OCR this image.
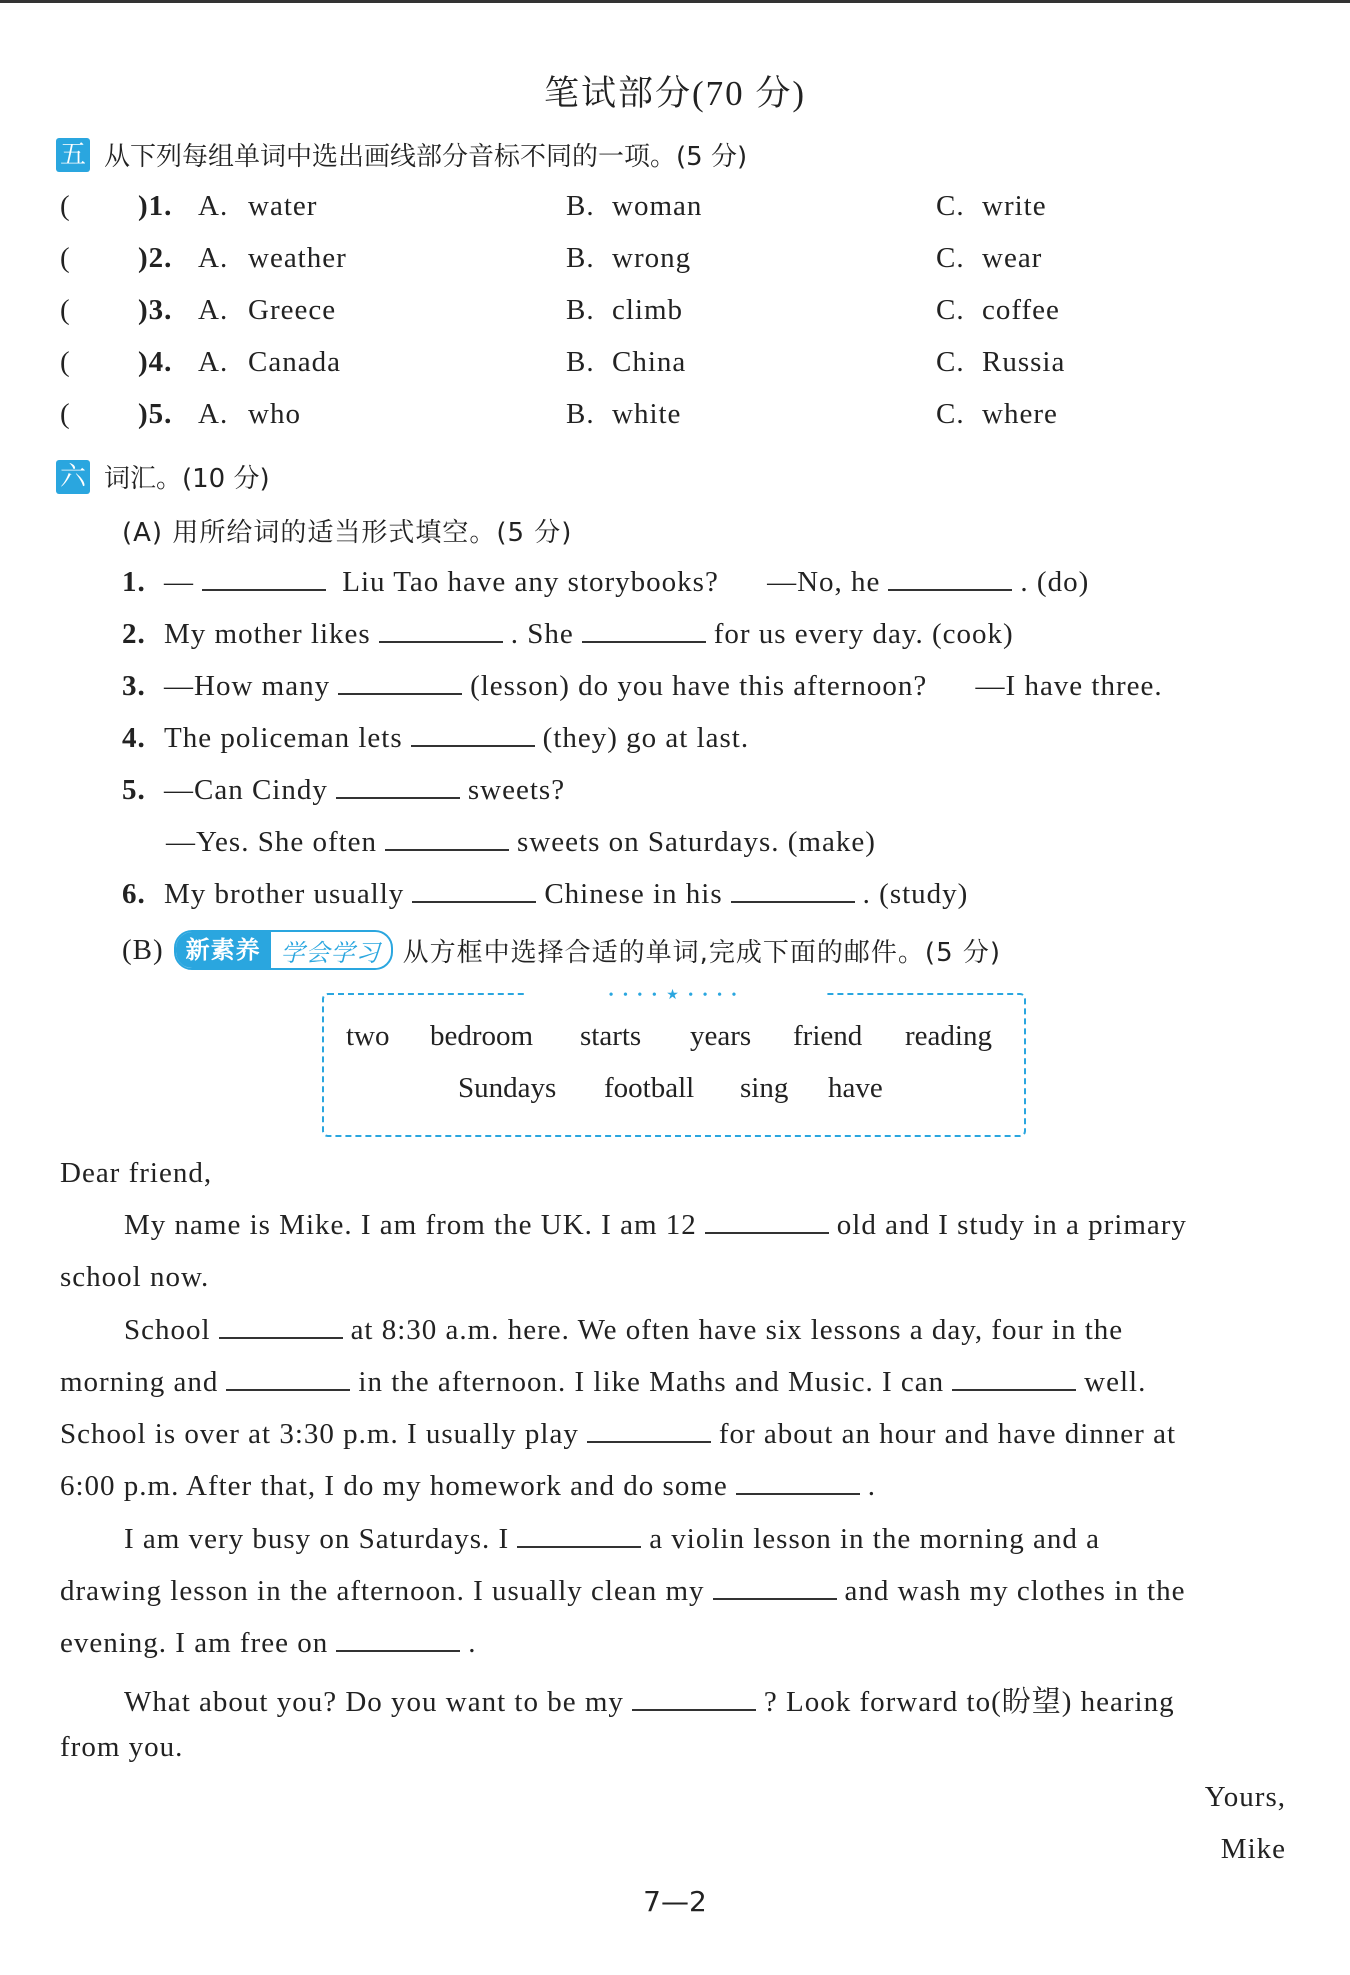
笔试部分(70 分)
五 从下列每组单词中选出画线部分音标不同的一项。(5 分)
( )1. A. water	B. woman	C. write
( )2. A. weather	B. wrong	C. wear
( )3. A. Greece	B. climb	C. coffee
( )4. A. Canada	B. China	C. Russia
( )5. A. who	B. white	C. where
六 词汇。(10 分)
(A) 用所给词的适当形式填空。(5 分)
1. —	Liu Tao have any storybooks? —No, he	. (do)
2. My mother likes	. She	for us every day. (cook)
3. —How many	(lesson) do you have this afternoon? —I have three.
4. The policeman lets	(they) go at last.
5. —Can Cindy	sweets?
—Yes. She often	sweets on Saturdays. (make)
6. My brother usually	Chinese in his	. (study)
(B) 新素养 学会学习 从方框中选择合适的单词,完成下面的邮件。(5 分)
• • • • ★ • • • •
two bedroom starts years friend reading
Sundays football sing have
Dear friend,
My name is Mike. I am from the UK. I am 12	old and I study in a primary
school now.
School	at 8:30 a.m. here. We often have six lessons a day, four in the
morning and	in the afternoon. I like Maths and Music. I can	well.
School is over at 3:30 p.m. I usually play	for about an hour and have dinner at
6:00 p.m. After that, I do my homework and do some	.
I am very busy on Saturdays. I	a violin lesson in the morning and a
drawing lesson in the afternoon. I usually clean my	and wash my clothes in the
evening. I am free on	.
What about you? Do you want to be my	? Look forward to(盼望) hearing
from you.
Yours,
Mike
7—2
